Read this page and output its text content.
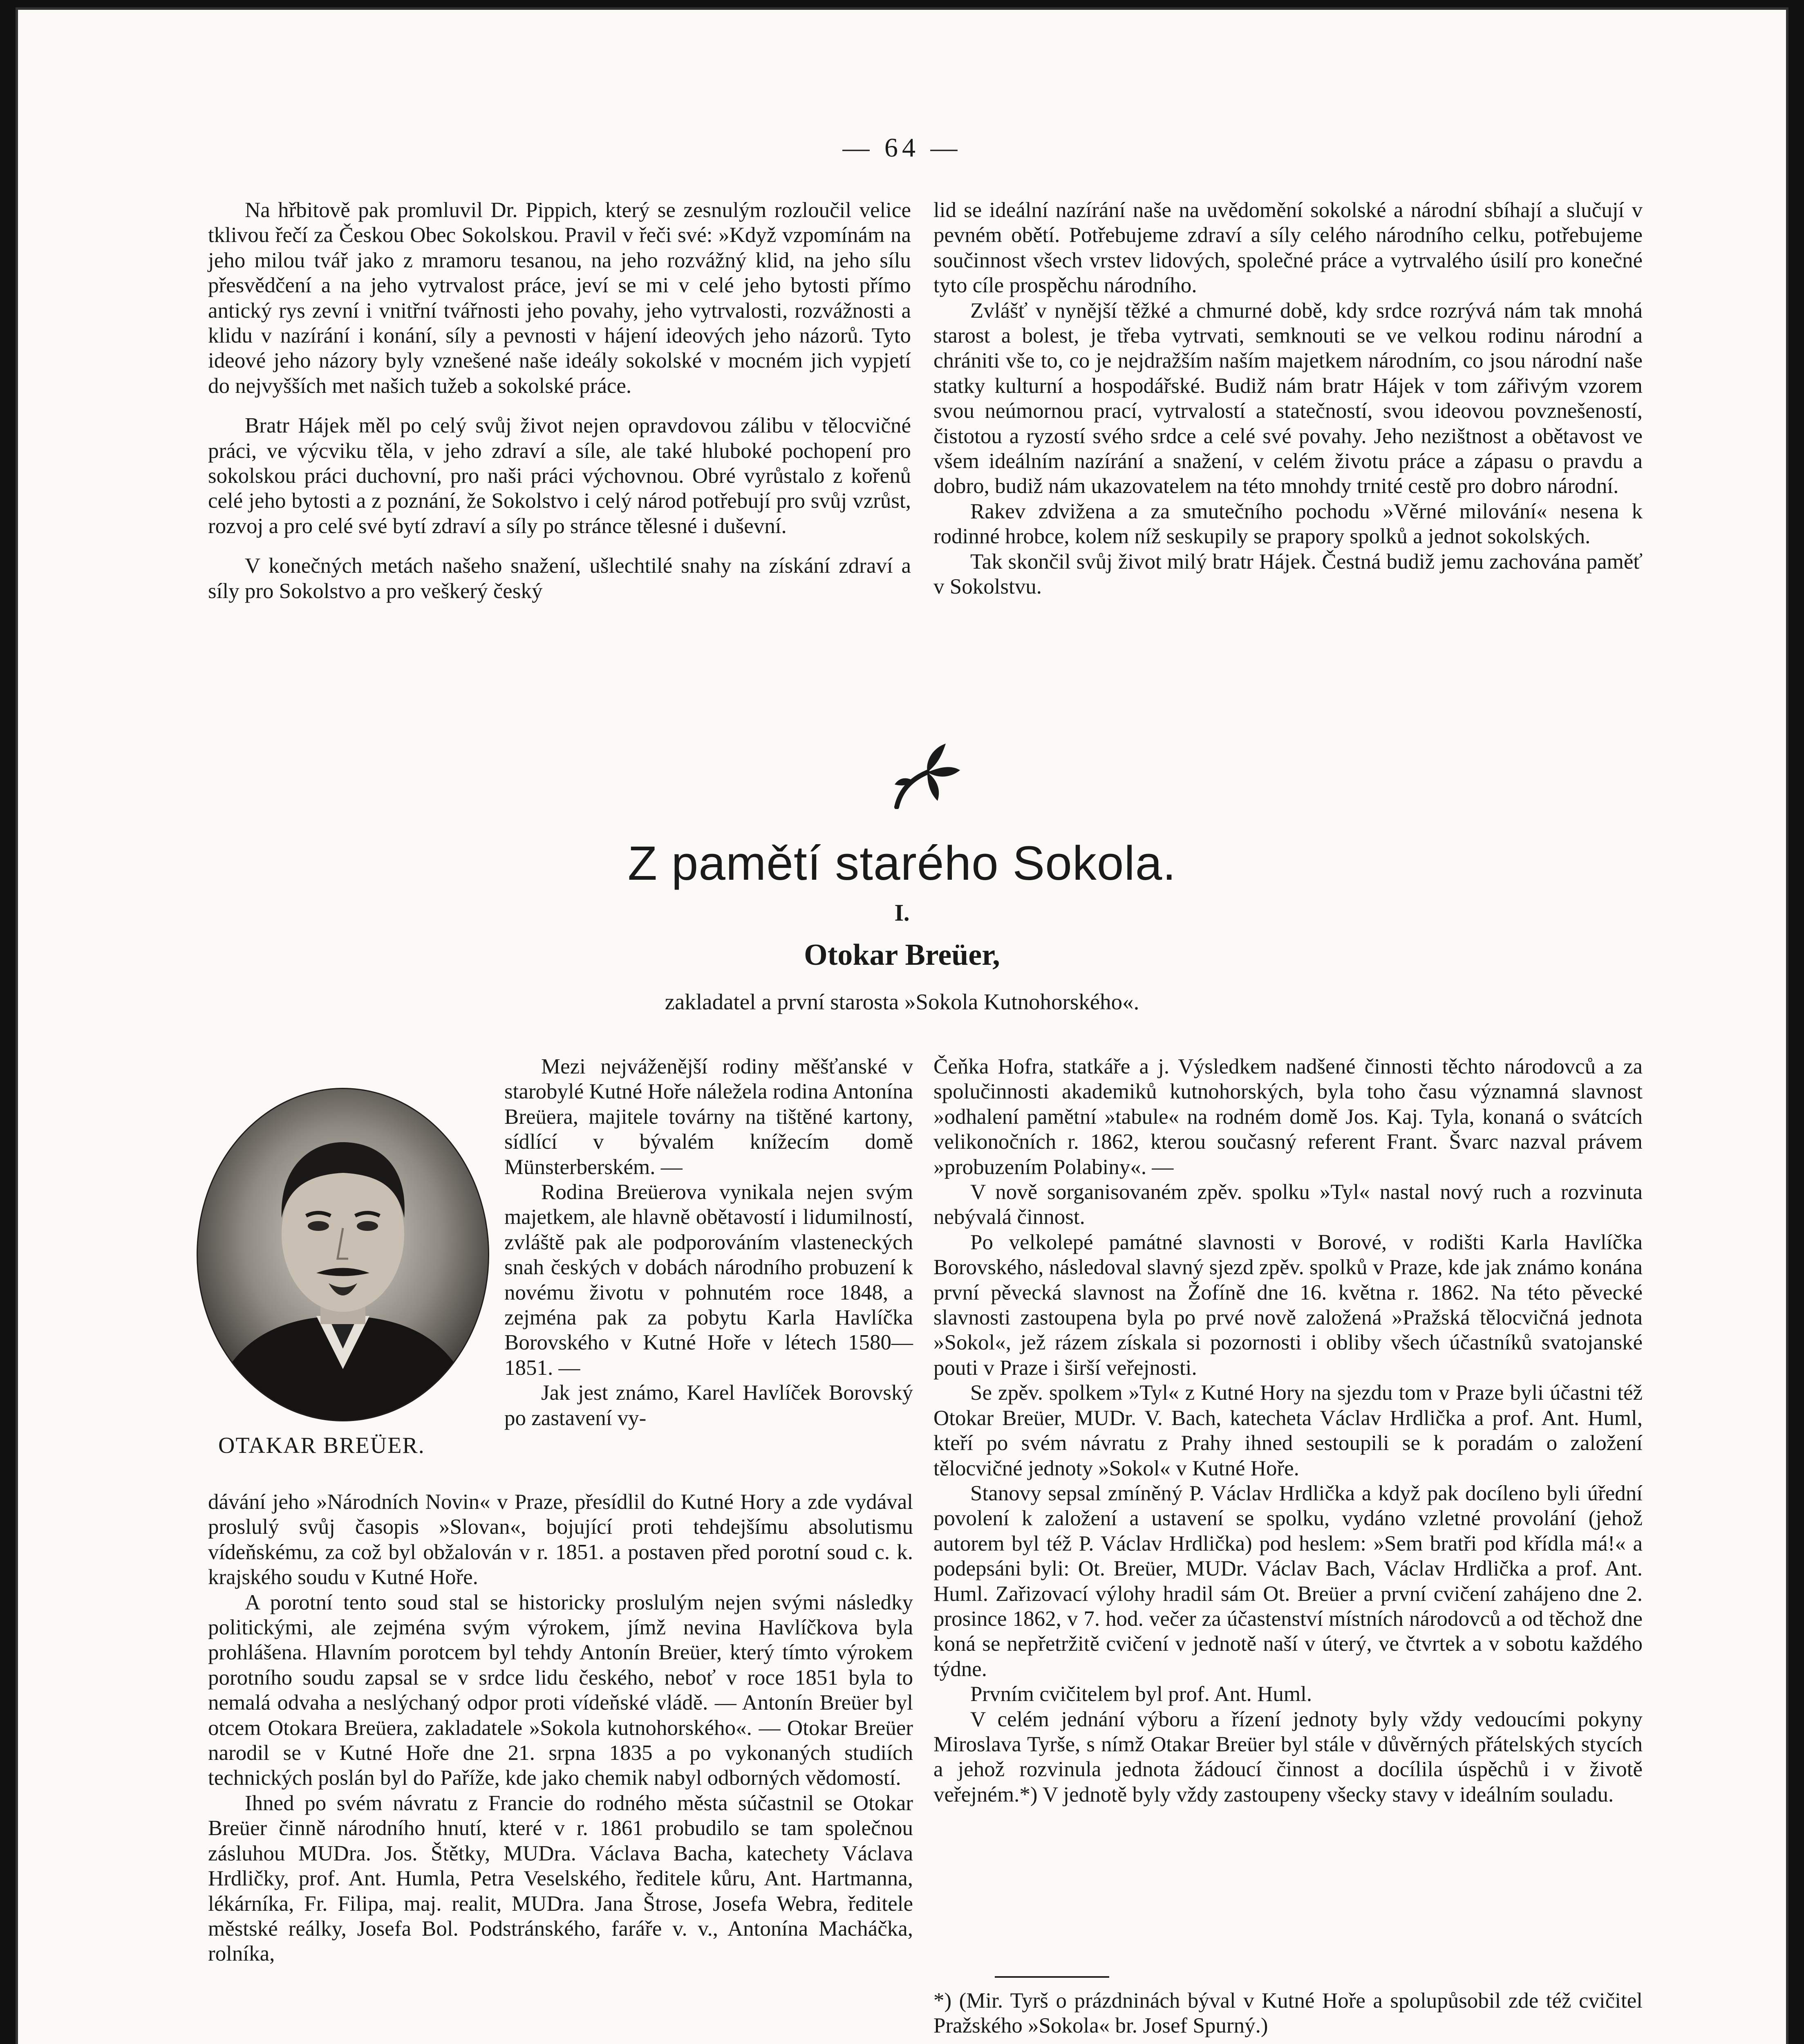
— 64 —

Na hřbitově pak promluvil Dr. Pippich, který se zesnulým rozloučil velice tklivou řečí za Českou Obec Sokolskou. Pravil v řeči své: »Když vzpomínám na jeho milou tvář jako z mramoru tesanou, na jeho rozvážný klid, na jeho sílu přesvědčení a na jeho vytrvalost práce, jeví se mi v celé jeho bytosti přímo antický rys zevní i vnitřní tvářnosti jeho povahy, jeho vytrvalosti, rozvážnosti a klidu v nazírání i konání, síly a pevnosti v hájení ideových jeho názorů. Tyto ideové jeho názory byly vznešené naše ideály sokolské v mocném jich vypjetí do nejvyšších met našich tužeb a sokolské práce.

Bratr Hájek měl po celý svůj život nejen opravdovou zálibu v tělocvičné práci, ve výcviku těla, v jeho zdraví a síle, ale také hluboké pochopení pro sokolskou práci duchovní, pro naši práci výchovnou. Obré vyrůstalo z kořenů celé jeho bytosti a z poznání, že Sokolstvo i celý národ potřebují pro svůj vzrůst, rozvoj a pro celé své bytí zdraví a síly po stránce tělesné i duševní.

V konečných metách našeho snažení, ušlechtilé snahy na získání zdraví a síly pro Sokolstvo a pro veškerý český

lid se ideální nazírání naše na uvědomění sokolské a národní sbíhají a slučují v pevném obětí. Potřebujeme zdraví a síly celého národního celku, potřebujeme součinnost všech vrstev lidových, společné práce a vytrvalého úsilí pro konečné tyto cíle prospěchu národního.

Zvlášť v nynější těžké a chmurné době, kdy srdce rozrývá nám tak mnohá starost a bolest, je třeba vytrvati, semknouti se ve velkou rodinu národní a chrániti vše to, co je nejdražším naším majetkem národním, co jsou národní naše statky kulturní a hospodářské. Budiž nám bratr Hájek v tom zářivým vzorem svou neúmornou prací, vytrvalostí a statečností, svou ideovou povznešeností, čistotou a ryzostí svého srdce a celé své povahy. Jeho nezištnost a obětavost ve všem ideálním nazírání a snažení, v celém životu práce a zápasu o pravdu a dobro, budiž nám ukazovatelem na této mnohdy trnité cestě pro dobro národní.

Rakev zdvižena a za smutečního pochodu »Věrné milování« nesena k rodinné hrobce, kolem níž seskupily se prapory spolků a jednot sokolských.

Tak skončil svůj život milý bratr Hájek. Čestná budiž jemu zachována paměť v Sokolstvu.

Z pamětí starého Sokola.
I.
Otokar Breüer,
zakladatel a první starosta »Sokola Kutnohorského«.
OTAKAR BREÜER.

Mezi nejváženější rodiny měšťanské v starobylé Kutné Hoře náležela rodina Antonína Breüera, majitele továrny na tištěné kartony, sídlící v bývalém knížecím domě Münsterberském. —

Rodina Breüerova vynikala nejen svým majetkem, ale hlavně obětavostí i lidumilností, zvláště pak ale podporováním vlasteneckých snah českých v dobách národního probuzení k novému životu v pohnutém roce 1848, a zejména pak za pobytu Karla Havlíčka Borovského v Kutné Hoře v létech 1580—1851. —

Jak jest známo, Karel Havlíček Borovský po zastavení vy-

dávání jeho »Národních Novin« v Praze, přesídlil do Kutné Hory a zde vydával proslulý svůj časopis »Slovan«, bojující proti tehdejšímu absolutismu vídeňskému, za což byl obžalován v r. 1851. a postaven před porotní soud c. k. krajského soudu v Kutné Hoře.

A porotní tento soud stal se historicky proslulým nejen svými následky politickými, ale zejména svým výrokem, jímž nevina Havlíčkova byla prohlášena. Hlavním porotcem byl tehdy Antonín Breüer, který tímto výrokem porotního soudu zapsal se v srdce lidu českého, neboť v roce 1851 byla to nemalá odvaha a neslýchaný odpor proti vídeňské vládě. — Antonín Breüer byl otcem Otokara Breüera, zakladatele »Sokola kutnohorského«. — Otokar Breüer narodil se v Kutné Hoře dne 21. srpna 1835 a po vykonaných studiích technických poslán byl do Paříže, kde jako chemik nabyl odborných vědomostí.

Ihned po svém návratu z Francie do rodného města súčastnil se Otokar Breüer činně národního hnutí, které v r. 1861 probudilo se tam společnou zásluhou MUDra. Jos. Štětky, MUDra. Václava Bacha, katechety Václava Hrdličky, prof. Ant. Humla, Petra Veselského, ředitele kůru, Ant. Hartmanna, lékárníka, Fr. Filipa, maj. realit, MUDra. Jana Štrose, Josefa Webra, ředitele městské reálky, Josefa Bol. Podstránského, faráře v. v., Antonína Macháčka, rolníka,

Čeňka Hofra, statkáře a j. Výsledkem nadšené činnosti těchto národovců a za spolučinnosti akademiků kutnohorských, byla toho času významná slavnost »odhalení pamětní »tabule« na rodném domě Jos. Kaj. Tyla, konaná o svátcích velikonočních r. 1862, kterou současný referent Frant. Švarc nazval právem »probuzením Polabiny«. —

V nově sorganisovaném zpěv. spolku »Tyl« nastal nový ruch a rozvinuta nebývalá činnost.

Po velkolepé památné slavnosti v Borové, v rodišti Karla Havlíčka Borovského, následoval slavný sjezd zpěv. spolků v Praze, kde jak známo konána první pěvecká slavnost na Žofíně dne 16. května r. 1862. Na této pěvecké slavnosti zastoupena byla po prvé nově založená »Pražská tělocvičná jednota »Sokol«, jež rázem získala si pozornosti i obliby všech účastníků svatojanské pouti v Praze i širší veřejnosti.

Se zpěv. spolkem »Tyl« z Kutné Hory na sjezdu tom v Praze byli účastni též Otokar Breüer, MUDr. V. Bach, katecheta Václav Hrdlička a prof. Ant. Huml, kteří po svém návratu z Prahy ihned sestoupili se k poradám o založení tělocvičné jednoty »Sokol« v Kutné Hoře.

Stanovy sepsal zmíněný P. Václav Hrdlička a když pak docíleno byli úřední povolení k založení a ustavení se spolku, vydáno vzletné provolání (jehož autorem byl též P. Václav Hrdlička) pod heslem: »Sem bratři pod křídla má!« a podepsáni byli: Ot. Breüer, MUDr. Václav Bach, Václav Hrdlička a prof. Ant. Huml. Zařizovací výlohy hradil sám Ot. Breüer a první cvičení zahájeno dne 2. prosince 1862, v 7. hod. večer za účastenství místních národovců a od těchož dne koná se nepřetržitě cvičení v jednotě naší v úterý, ve čtvrtek a v sobotu každého týdne.

Prvním cvičitelem byl prof. Ant. Huml.

V celém jednání výboru a řízení jednoty byly vždy vedoucími pokyny Miroslava Tyrše, s nímž Otakar Breüer byl stále v důvěrných přátelských stycích a jehož rozvinula jednota žádoucí činnost a docílila úspěchů i v životě veřejném.*) V jednotě byly vždy zastoupeny všecky stavy v ideálním souladu.

*) (Mir. Tyrš o prázdninách býval v Kutné Hoře a spolupůsobil zde též cvičitel Pražského »Sokola« br. Josef Spurný.)
